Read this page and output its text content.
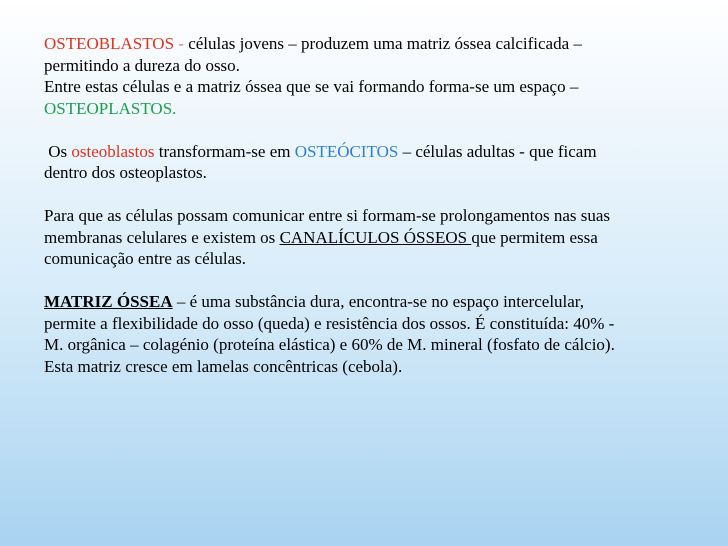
OSTEOBLASTOS - células jovens – produzem uma matriz óssea calcificada –
permitindo a dureza do osso.
Entre estas células e a matriz óssea que se vai formando forma-se um espaço –
OSTEOPLASTOS.

Os osteoblastos transformam-se em OSTEÓCITOS – células adultas - que ficam
dentro dos osteoplastos.

Para que as células possam comunicar entre si formam-se prolongamentos nas suas
membranas celulares e existem os CANALÍCULOS ÓSSEOS que permitem essa
comunicação entre as células.

MATRIZ ÓSSEA – é uma substância dura, encontra-se no espaço intercelular,
permite a flexibilidade do osso (queda) e resistência dos ossos. É constituída: 40% -
M. orgânica – colagénio (proteína elástica) e 60% de M. mineral (fosfato de cálcio).
Esta matriz cresce em lamelas concêntricas (cebola).
